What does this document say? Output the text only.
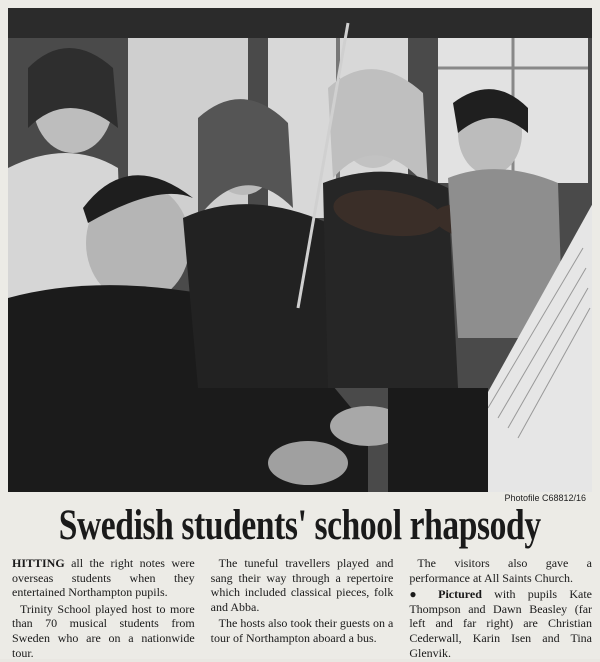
Photofile C68812/16
Swedish students' school rhapsody

HITTING all the right notes were overseas students when they entertained Northampton pupils.

Trinity School played host to more than 70 musical students from Sweden who are on a nationwide tour.

The tuneful travellers played and sang their way through a repertoire which included classical pieces, folk and Abba.

The hosts also took their guests on a tour of Northampton aboard a bus.

The visitors also gave a performance at All Saints Church.

● Pictured with pupils Kate Thompson and Dawn Beasley (far left and far right) are Christian Cederwall, Karin Isen and Tina Glenvik.
